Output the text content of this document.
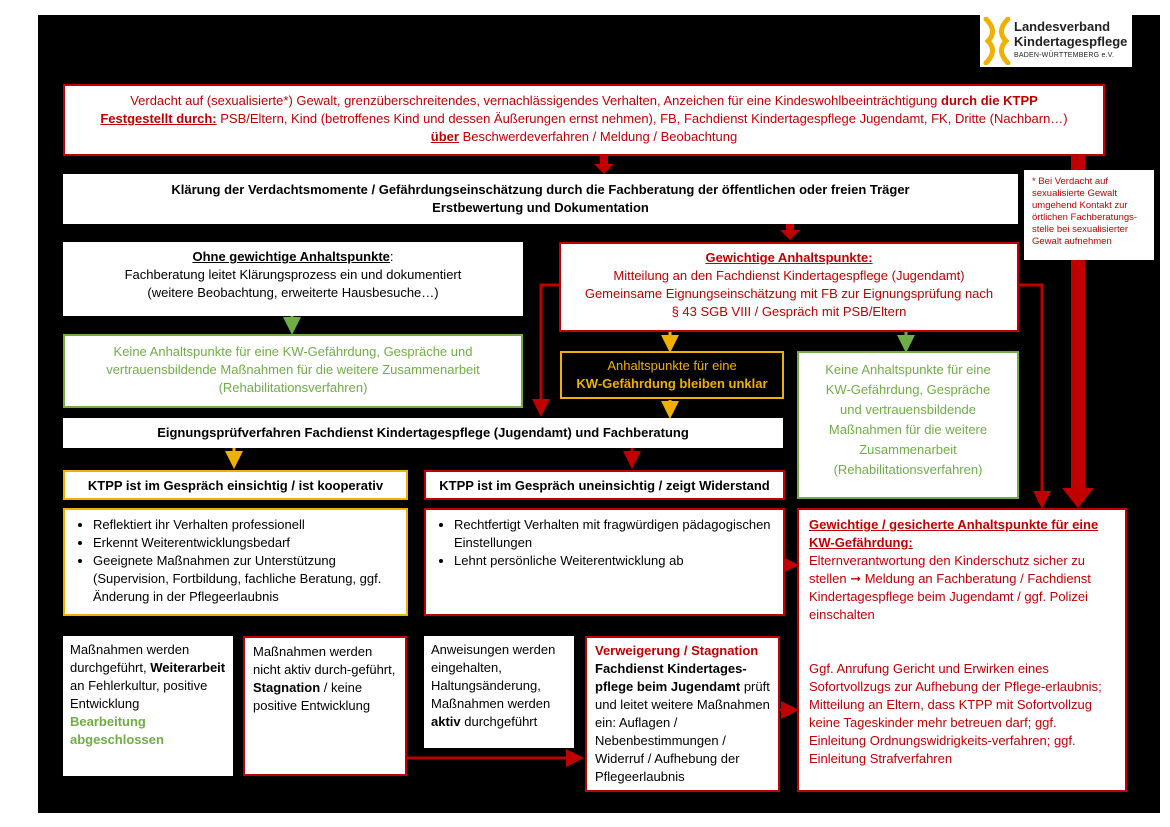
Landesverband
Kindertagespflege
BADEN-WÜRTTEMBERG e.V.
Verdacht auf (sexualisierte*) Gewalt, grenzüberschreitendes, vernachlässigendes Verhalten, Anzeichen für eine Kindeswohlbeeinträchtigung durch die KTPP
Festgestellt durch: PSB/Eltern, Kind (betroffenes Kind und dessen Äußerungen ernst nehmen), FB, Fachdienst Kindertagespflege Jugendamt, FK, Dritte (Nachbarn…)
über Beschwerdeverfahren / Meldung / Beobachtung
Klärung der Verdachtsmomente / Gefährdungseinschätzung durch die Fachberatung der öffentlichen oder freien Träger
Erstbewertung und Dokumentation
* Bei Verdacht auf sexualisierte Gewalt umgehend Kontakt zur örtlichen Fachberatungs-stelle bei sexualisierter Gewalt aufnehmen
Ohne gewichtige Anhaltspunkte:
Fachberatung leitet Klärungsprozess ein und dokumentiert
(weitere Beobachtung, erweiterte Hausbesuche…)
Gewichtige Anhaltspunkte:
Mitteilung an den Fachdienst Kindertagespflege (Jugendamt)
Gemeinsame Eignungseinschätzung mit FB zur Eignungsprüfung nach
§ 43 SGB VIII / Gespräch mit PSB/Eltern
Keine Anhaltspunkte für eine KW-Gefährdung, Gespräche und
vertrauensbildende Maßnahmen für die weitere Zusammenarbeit
(Rehabilitationsverfahren)
Anhaltspunkte für eine
KW-Gefährdung bleiben unklar
Keine Anhaltspunkte für eine
KW-Gefährdung, Gespräche
und vertrauensbildende
Maßnahmen für die weitere
Zusammenarbeit
(Rehabilitationsverfahren)
Eignungsprüfverfahren Fachdienst Kindertagespflege (Jugendamt) und Fachberatung
KTPP ist im Gespräch einsichtig / ist kooperativ	KTPP ist im Gespräch uneinsichtig / zeigt Widerstand
• Reflektiert ihr Verhalten professionell
• Erkennt Weiterentwicklungsbedarf
• Geeignete Maßnahmen zur Unterstützung (Supervision, Fortbildung, fachliche Beratung, ggf. Änderung in der Pflegeerlaubnis
• Rechtfertigt Verhalten mit fragwürdigen pädagogischen Einstellungen
• Lehnt persönliche Weiterentwicklung ab
Gewichtige / gesicherte Anhaltspunkte für eine KW-Gefährdung:
Elternverantwortung den Kinderschutz sicher zu stellen ➞ Meldung an Fachberatung / Fachdienst Kindertagespflege beim Jugendamt / ggf. Polizei einschalten
Ggf. Anrufung Gericht und Erwirken eines Sofortvollzugs zur Aufhebung der Pflege-erlaubnis; Mitteilung an Eltern, dass KTPP mit Sofortvollzug keine Tageskinder mehr betreuen darf; ggf. Einleitung Ordnungswidrigkeits-verfahren; ggf. Einleitung Strafverfahren
Maßnahmen werden durchgeführt, Weiterarbeit an Fehlerkultur, positive Entwicklung
Bearbeitung abgeschlossen
Maßnahmen werden nicht aktiv durch-geführt, Stagnation / keine positive Entwicklung
Anweisungen werden eingehalten, Haltungsänderung, Maßnahmen werden aktiv durchgeführt
Verweigerung / Stagnation
Fachdienst Kindertages-pflege beim Jugendamt prüft und leitet weitere Maßnahmen ein: Auflagen / Nebenbestimmungen / Widerruf / Aufhebung der Pflegeerlaubnis
